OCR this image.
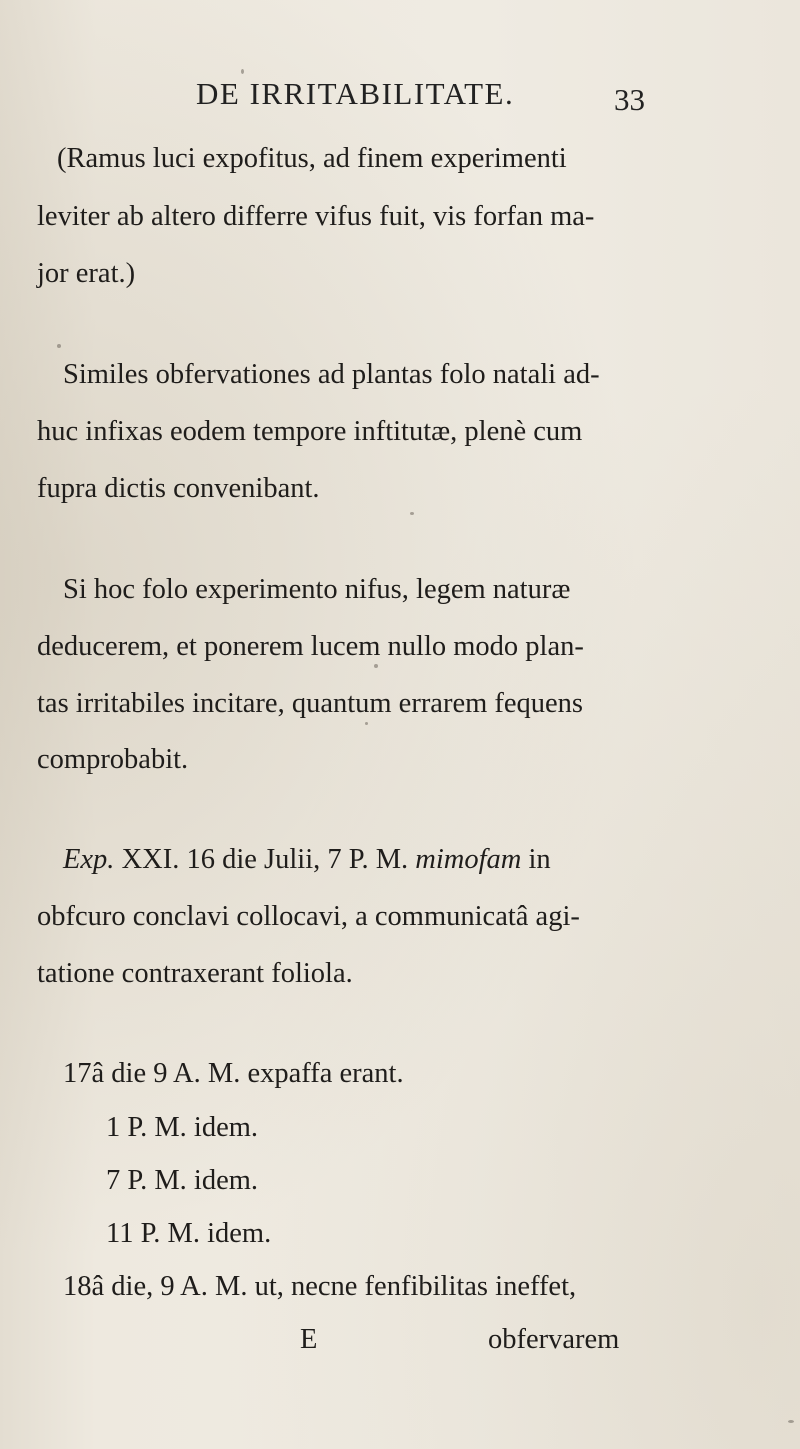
DE IRRITABILITATE.	33
(Ramus luci expofitus, ad finem experimenti
leviter ab altero differre vifus fuit, vis forfan ma-
jor erat.)
Similes obfervationes ad plantas folo natali ad-
huc infixas eodem tempore inftitutæ, plenè cum
fupra dictis convenibant.
Si hoc folo experimento nifus, legem naturæ
deducerem, et ponerem lucem nullo modo plan-
tas irritabiles incitare, quantum errarem fequens
comprobabit.
Exp. XXI. 16 die Julii, 7 P. M. mimofam in
obfcuro conclavi collocavi, a communicatâ agi-
tatione contraxerant foliola.
17â die 9 A. M. expaffa erant.
1 P. M. idem.
7 P. M. idem.
11 P. M. idem.
18â die, 9 A. M. ut, necne fenfibilitas ineffet,
E	obfervarem
